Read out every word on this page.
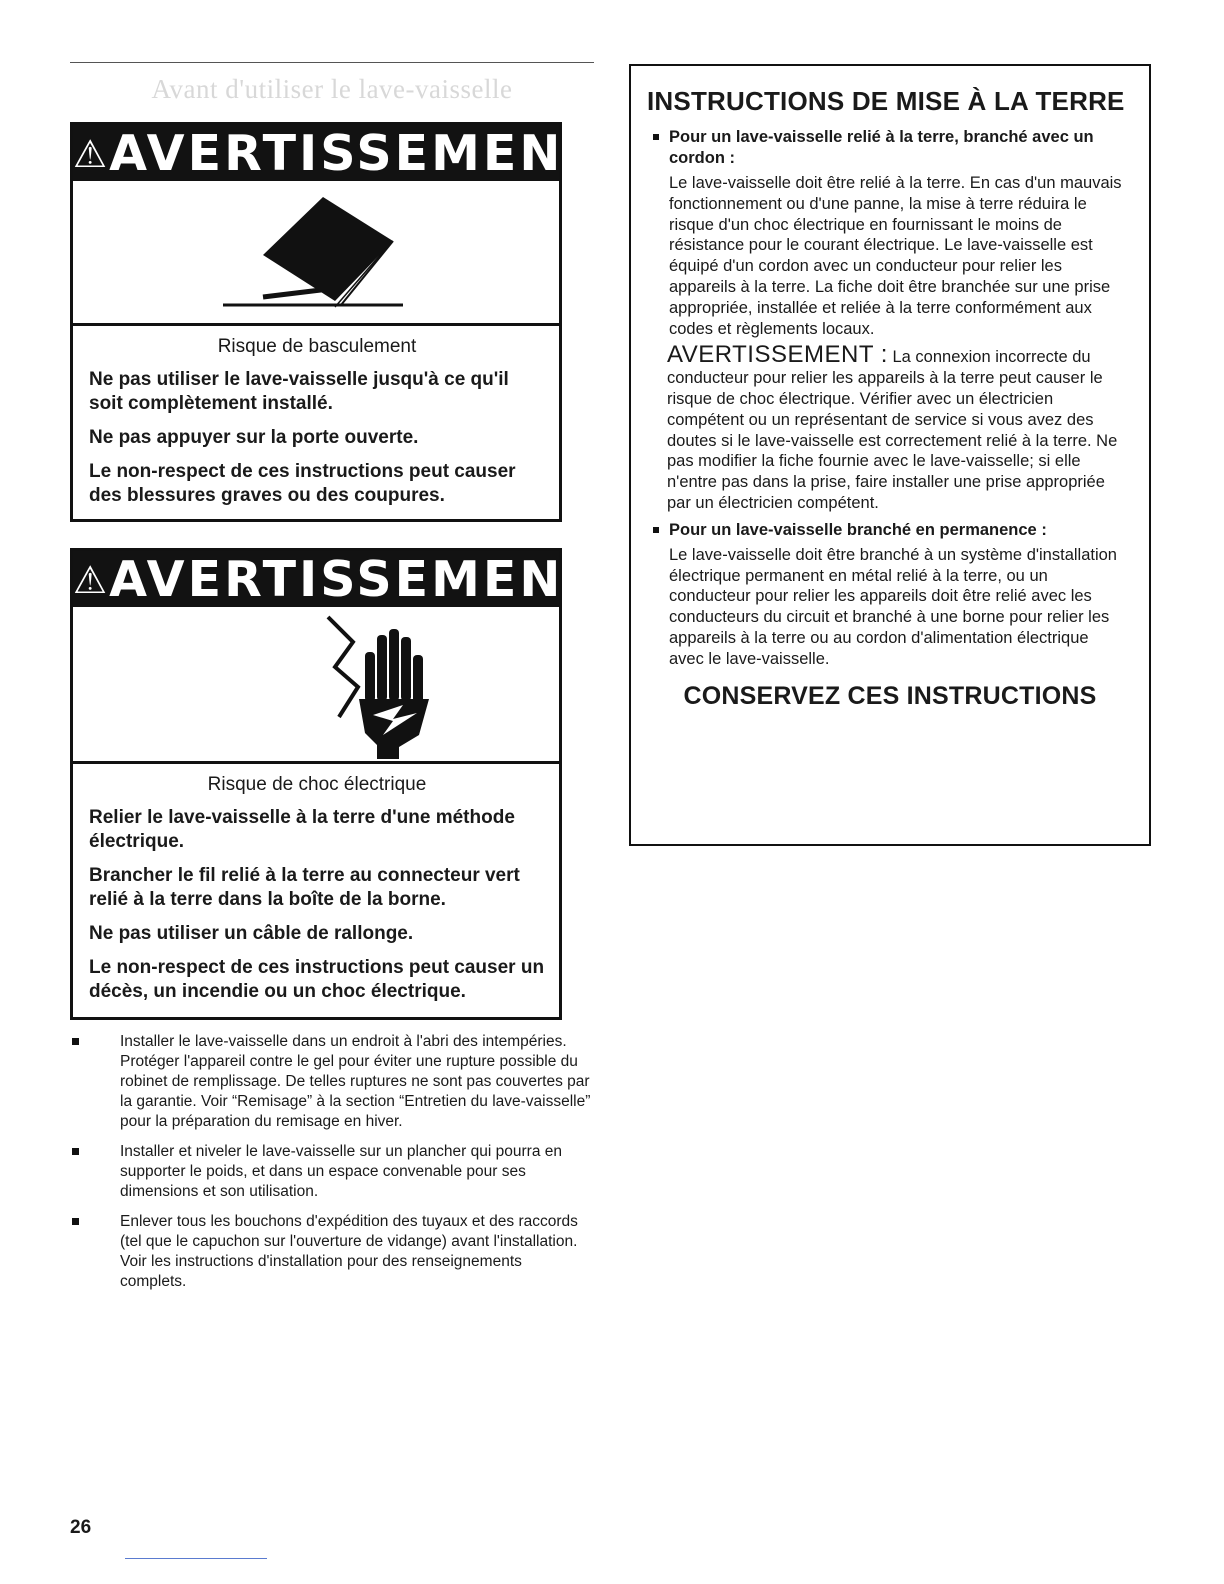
Avant d'utiliser le lave-vaisselle
⚠AVERTISSEMENT
Risque de basculement

Ne pas utiliser le lave-vaisselle jusqu'à ce qu'il soit complètement installé.

Ne pas appuyer sur la porte ouverte.

Le non-respect de ces instructions peut causer des blessures graves ou des coupures.

⚠AVERTISSEMENT
Risque de choc électrique

Relier le lave-vaisselle à la terre d'une méthode électrique.

Brancher le fil relié à la terre au connecteur vert relié à la terre dans la boîte de la borne.

Ne pas utiliser un câble de rallonge.

Le non-respect de ces instructions peut causer un décès, un incendie ou un choc électrique.

Installer le lave-vaisselle dans un endroit à l'abri des intempéries. Protéger l'appareil contre le gel pour éviter une rupture possible du robinet de remplissage. De telles ruptures ne sont pas couvertes par la garantie. Voir “Remisage” à la section “Entretien du lave-vaisselle” pour la préparation du remisage en hiver.
Installer et niveler le lave-vaisselle sur un plancher qui pourra en supporter le poids, et dans un espace convenable pour ses dimensions et son utilisation.
Enlever tous les bouchons d'expédition des tuyaux et des raccords (tel que le capuchon sur l'ouverture de vidange) avant l'installation. Voir les instructions d'installation pour des renseignements complets.
INSTRUCTIONS DE MISE À LA TERRE
Pour un lave-vaisselle relié à la terre, branché avec un cordon :
Le lave-vaisselle doit être relié à la terre. En cas d'un mauvais fonctionnement ou d'une panne, la mise à terre réduira le risque d'un choc électrique en fournissant le moins de résistance pour le courant électrique. Le lave-vaisselle est équipé d'un cordon avec un conducteur pour relier les appareils à la terre. La fiche doit être branchée sur une prise appropriée, installée et reliée à la terre conformément aux codes et règlements locaux.
AVERTISSEMENT : La connexion incorrecte du conducteur pour relier les appareils à la terre peut causer le risque de choc électrique. Vérifier avec un électricien compétent ou un représentant de service si vous avez des doutes si le lave-vaisselle est correctement relié à la terre. Ne pas modifier la fiche fournie avec le lave-vaisselle; si elle n'entre pas dans la prise, faire installer une prise appropriée par un électricien compétent.
Pour un lave-vaisselle branché en permanence :
Le lave-vaisselle doit être branché à un système d'installation électrique permanent en métal relié à la terre, ou un conducteur pour relier les appareils doit être relié avec les conducteurs du circuit et branché à une borne pour relier les appareils à la terre ou au cordon d'alimentation électrique avec le lave-vaisselle.
CONSERVEZ CES INSTRUCTIONS
26
